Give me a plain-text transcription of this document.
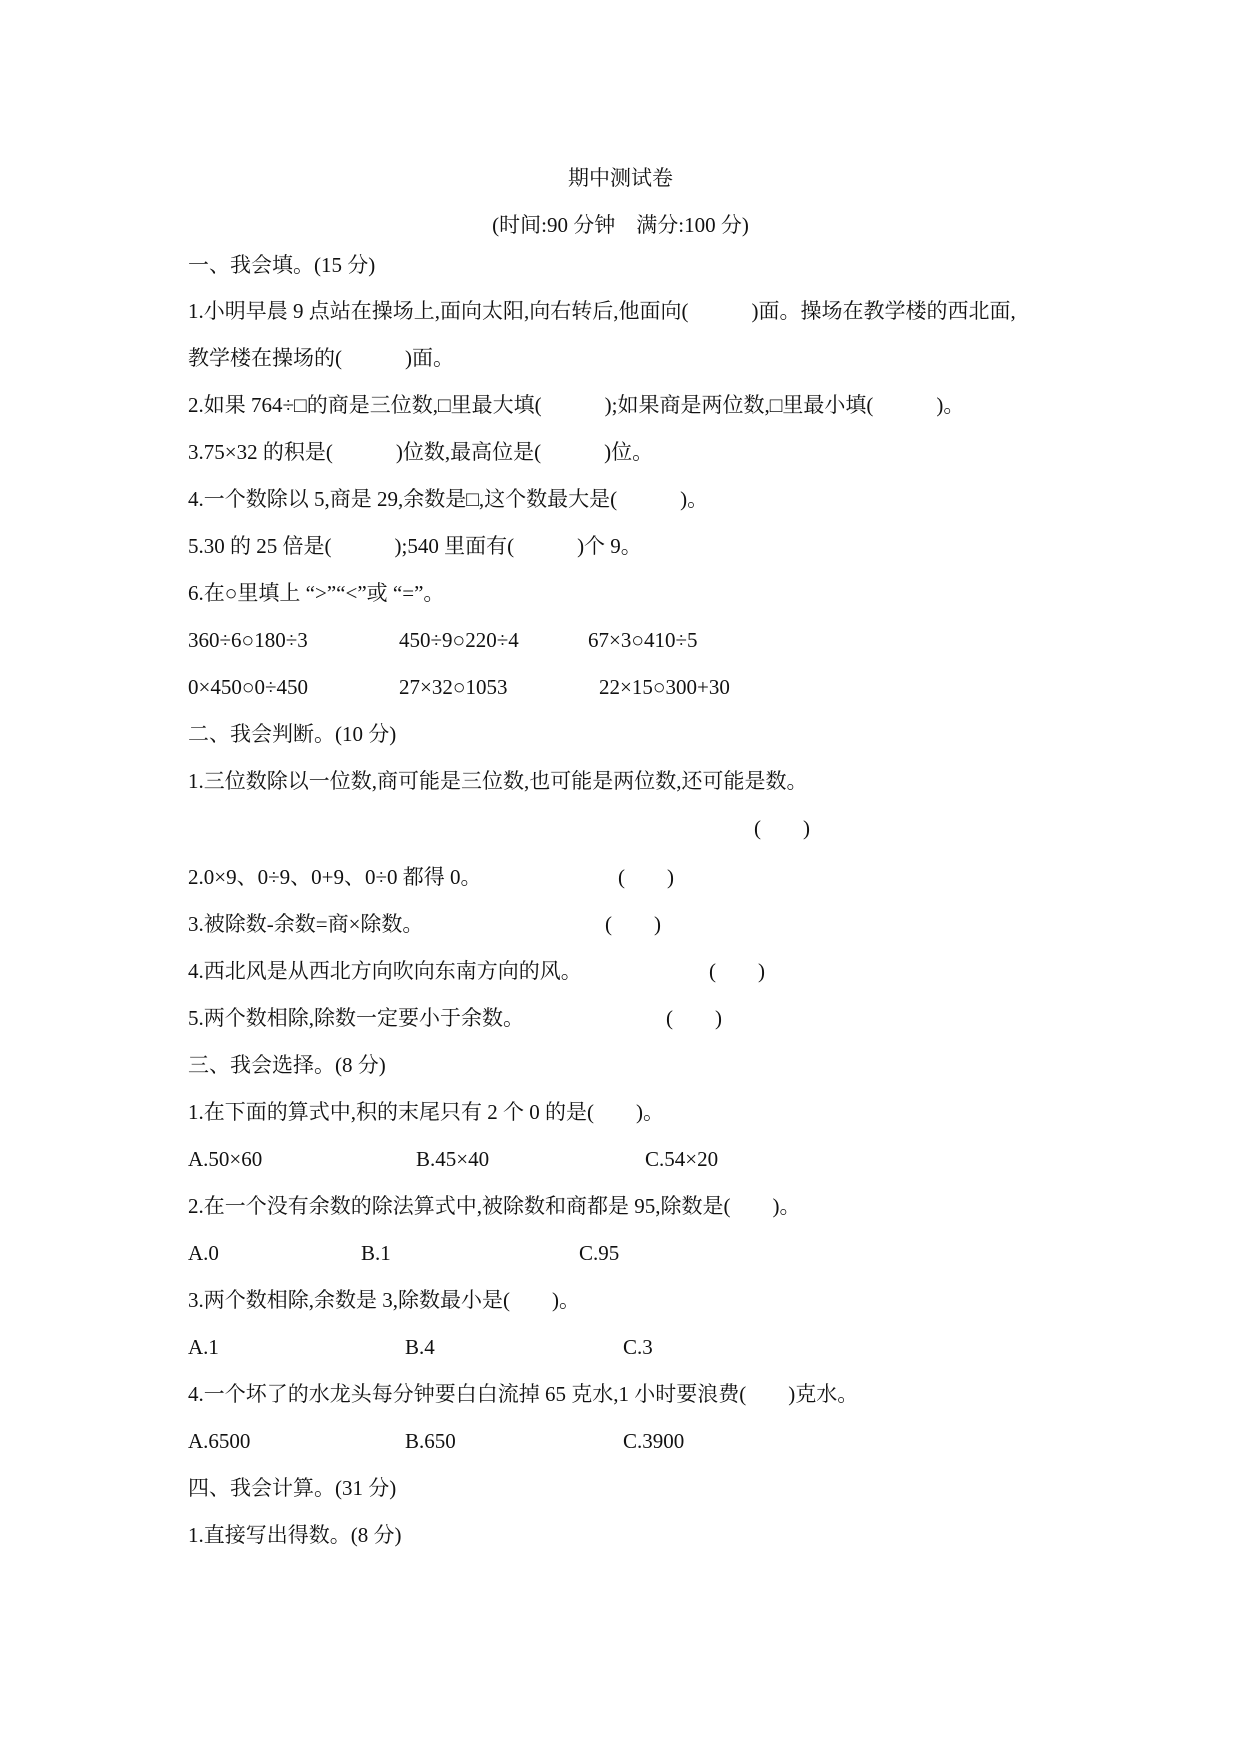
期中测试卷
(时间:90 分钟    满分:100 分)
一、我会填。(15 分)
1.小明早晨 9 点站在操场上,面向太阳,向右转后,他面向(            )面。操场在教学楼的西北面,
教学楼在操场的(            )面。
2.如果 764÷□的商是三位数,□里最大填(            );如果商是两位数,□里最小填(            )。
3.75×32 的积是(            )位数,最高位是(            )位。
4.一个数除以 5,商是 29,余数是□,这个数最大是(            )。
5.30 的 25 倍是(            );540 里面有(            )个 9。
6.在○里填上 “>”“<”或 “=”。
360÷6○180÷3	450÷9○220÷4	67×3○410÷5
0×450○0÷450	27×32○1053	22×15○300+30
二、我会判断。(10 分)
1.三位数除以一位数,商可能是三位数,也可能是两位数,还可能是数。
(        )
2.0×9、0÷9、0+9、0÷0 都得 0。	(        )
3.被除数-余数=商×除数。	(        )
4.西北风是从西北方向吹向东南方向的风。	(        )
5.两个数相除,除数一定要小于余数。	(        )
三、我会选择。(8 分)
1.在下面的算式中,积的末尾只有 2 个 0 的是(        )。
A.50×60	B.45×40	C.54×20
2.在一个没有余数的除法算式中,被除数和商都是 95,除数是(        )。
A.0	B.1	C.95
3.两个数相除,余数是 3,除数最小是(        )。
A.1	B.4	C.3
4.一个坏了的水龙头每分钟要白白流掉 65 克水,1 小时要浪费(        )克水。
A.6500	B.650	C.3900
四、我会计算。(31 分)
1.直接写出得数。(8 分)
